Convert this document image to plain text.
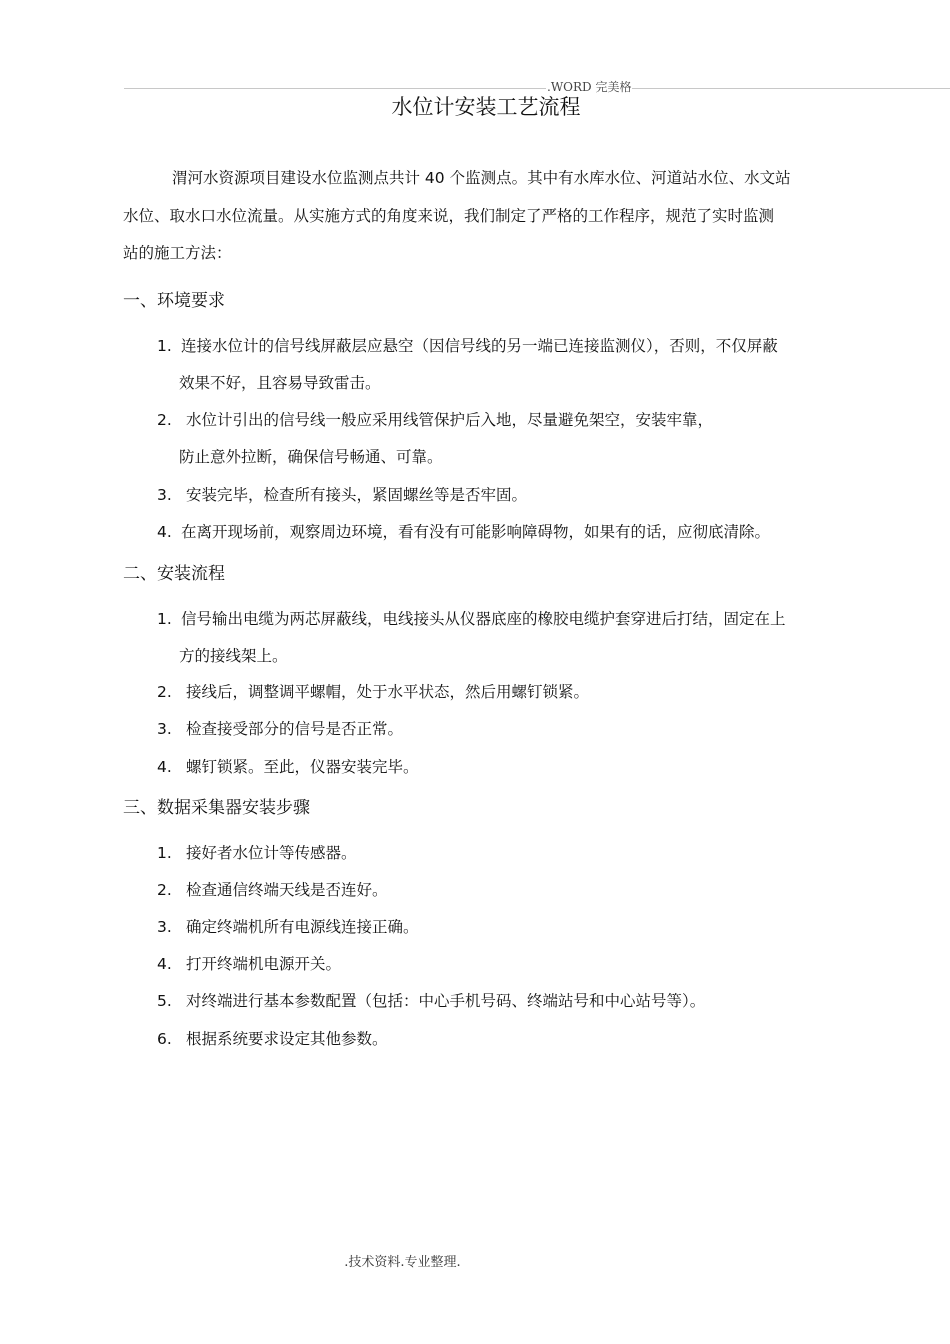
.WORD 完美格
水位计安装工艺流程
渭河水资源项目建设水位监测点共计 40 个监测点。其中有水库水位、河道站水位、水文站
水位、取水口水位流量。从实施方式的角度来说，我们制定了严格的工作程序，规范了实时监测
站的施工方法：
一、环境要求
1. 连接水位计的信号线屏蔽层应悬空（因信号线的另一端已连接监测仪），否则，不仅屏蔽
效果不好，且容易导致雷击。
2. 水位计引出的信号线一般应采用线管保护后入地，尽量避免架空，安装牢靠，
防止意外拉断，确保信号畅通、可靠。
3. 安装完毕，检查所有接头，紧固螺丝等是否牢固。
4. 在离开现场前，观察周边环境，看有没有可能影响障碍物，如果有的话，应彻底清除。
二、安装流程
1. 信号输出电缆为两芯屏蔽线，电线接头从仪器底座的橡胶电缆护套穿进后打结，固定在上
方的接线架上。
2. 接线后，调整调平螺帽，处于水平状态，然后用螺钉锁紧。
3. 检查接受部分的信号是否正常。
4. 螺钉锁紧。至此，仪器安装完毕。
三、数据采集器安装步骤
1. 接好者水位计等传感器。
2. 检查通信终端天线是否连好。
3. 确定终端机所有电源线连接正确。
4. 打开终端机电源开关。
5. 对终端进行基本参数配置（包括：中心手机号码、终端站号和中心站号等）。
6. 根据系统要求设定其他参数。
.技术资料.专业整理.
